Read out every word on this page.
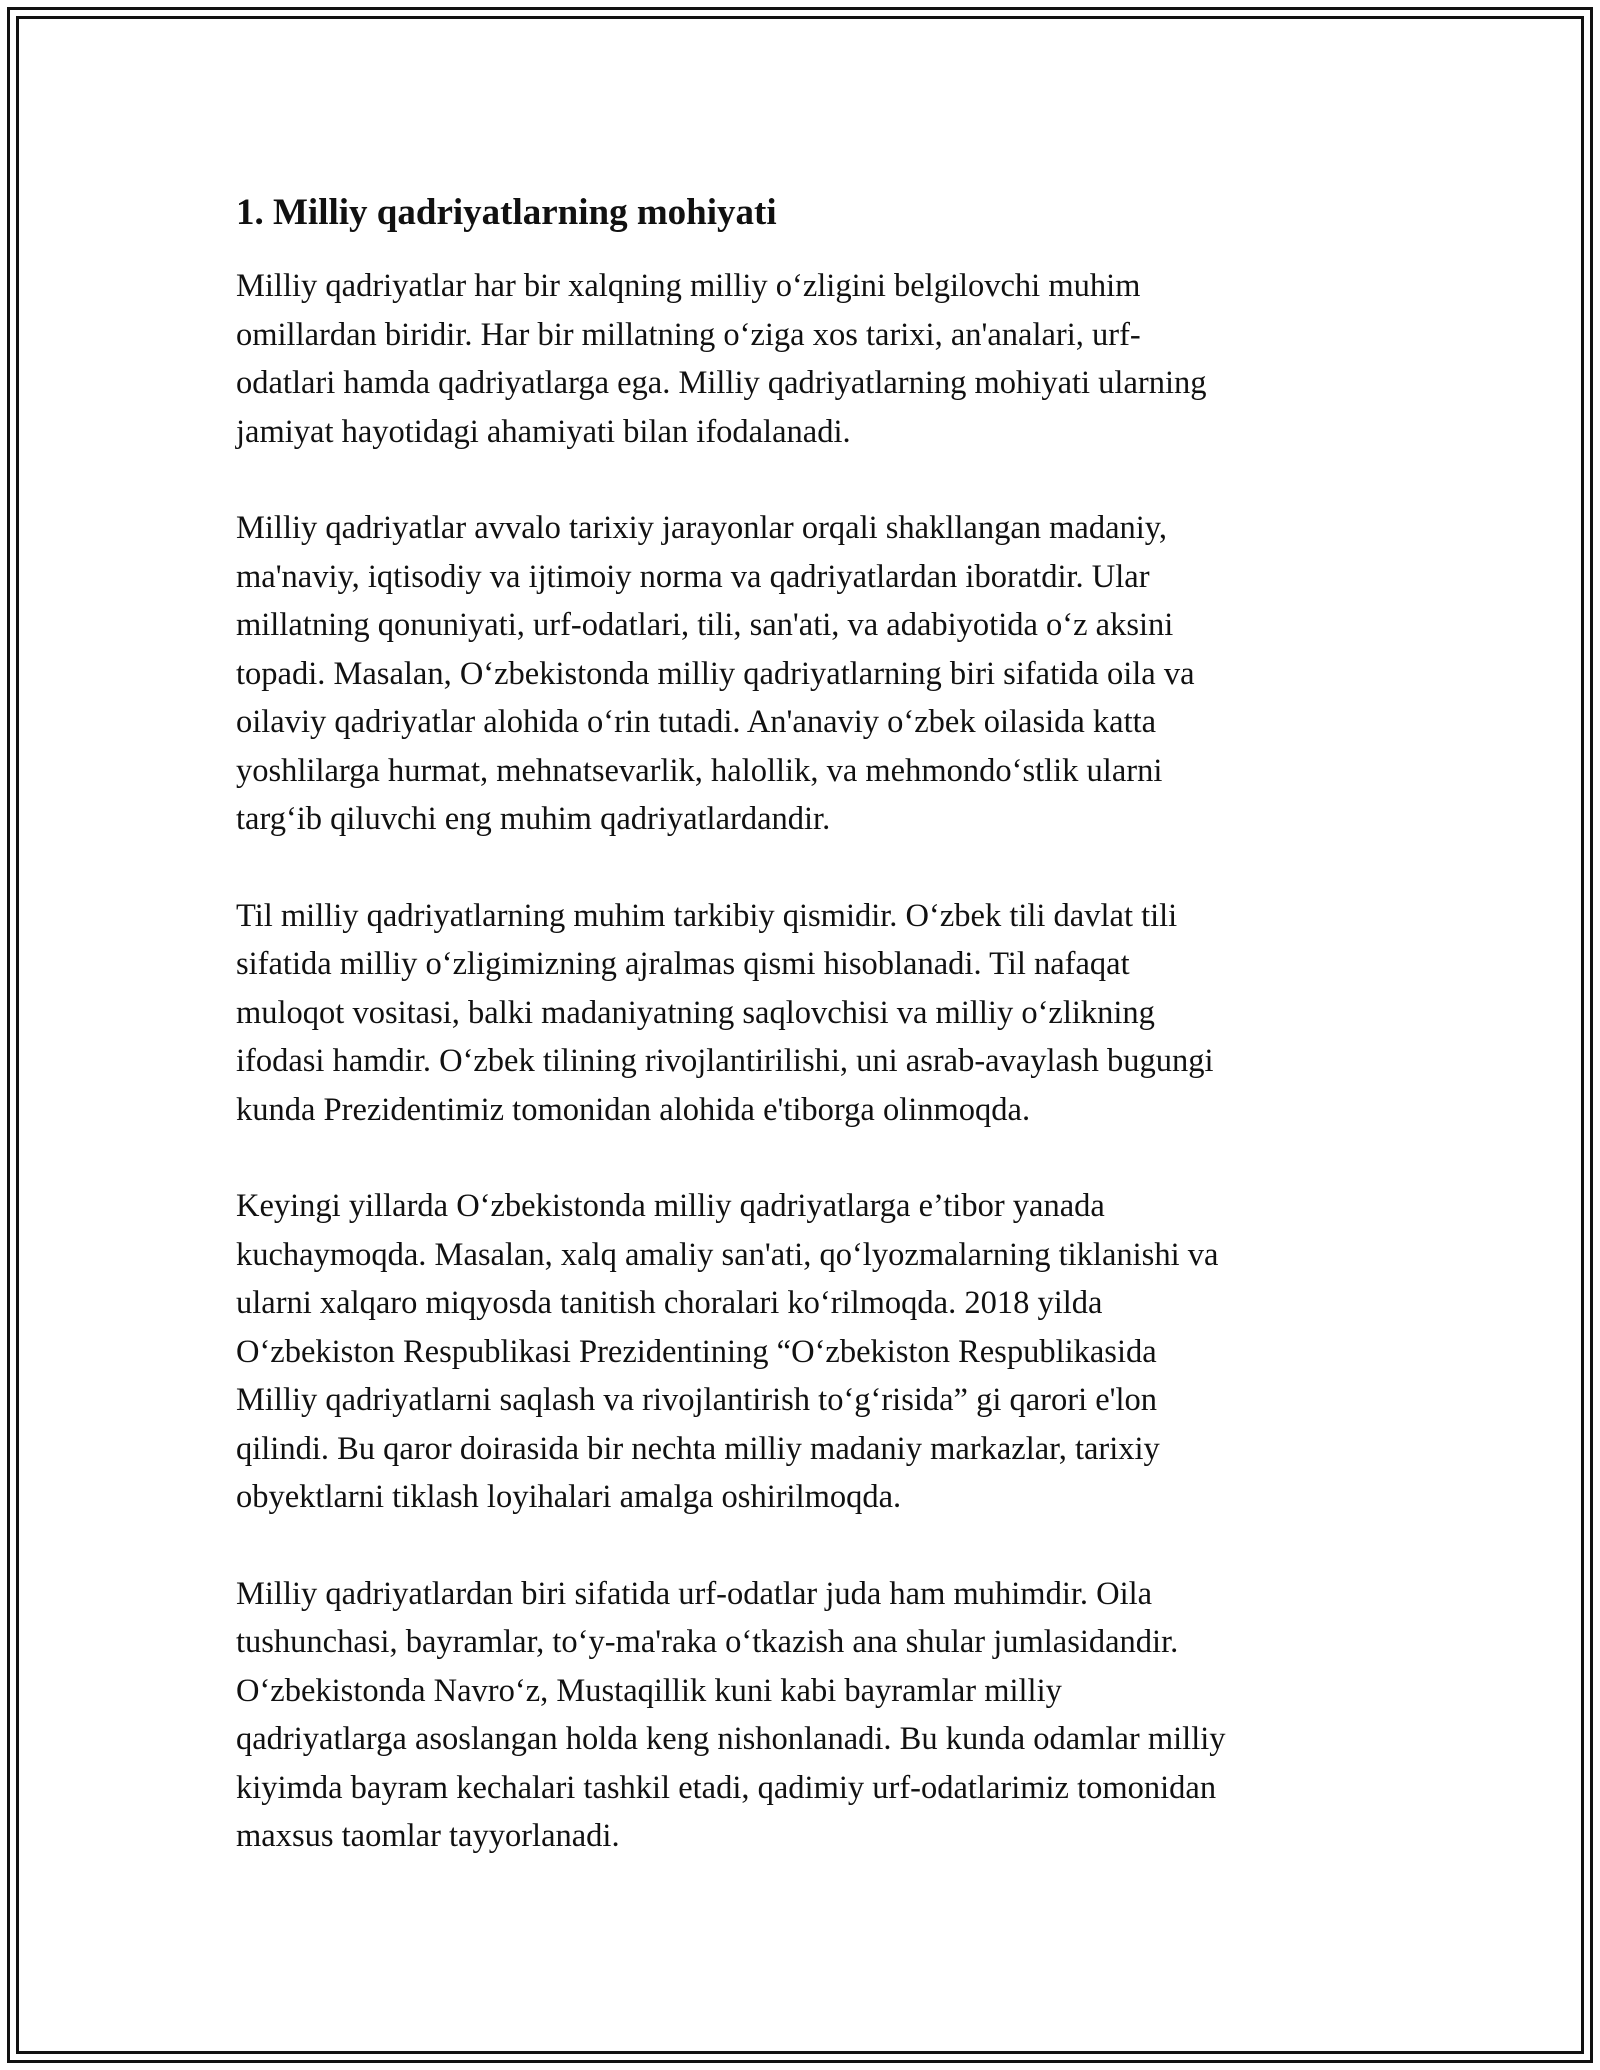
1. Milliy qadriyatlarning mohiyati

Milliy qadriyatlar har bir xalqning milliy o‘zligini belgilovchi muhim
omillardan biridir. Har bir millatning o‘ziga xos tarixi, an'analari, urf-
odatlari hamda qadriyatlarga ega. Milliy qadriyatlarning mohiyati ularning
jamiyat hayotidagi ahamiyati bilan ifodalanadi.

Milliy qadriyatlar avvalo tarixiy jarayonlar orqali shakllangan madaniy,
ma'naviy, iqtisodiy va ijtimoiy norma va qadriyatlardan iboratdir. Ular
millatning qonuniyati, urf-odatlari, tili, san'ati, va adabiyotida o‘z aksini
topadi. Masalan, O‘zbekistonda milliy qadriyatlarning biri sifatida oila va
oilaviy qadriyatlar alohida o‘rin tutadi. An'anaviy o‘zbek oilasida katta
yoshlilarga hurmat, mehnatsevarlik, halollik, va mehmondo‘stlik ularni
targ‘ib qiluvchi eng muhim qadriyatlardandir.

Til milliy qadriyatlarning muhim tarkibiy qismidir. O‘zbek tili davlat tili
sifatida milliy o‘zligimizning ajralmas qismi hisoblanadi. Til nafaqat
muloqot vositasi, balki madaniyatning saqlovchisi va milliy o‘zlikning
ifodasi hamdir. O‘zbek tilining rivojlantirilishi, uni asrab-avaylash bugungi
kunda Prezidentimiz tomonidan alohida e'tiborga olinmoqda.

Keyingi yillarda O‘zbekistonda milliy qadriyatlarga e’tibor yanada
kuchaymoqda. Masalan, xalq amaliy san'ati, qo‘lyozmalarning tiklanishi va
ularni xalqaro miqyosda tanitish choralari ko‘rilmoqda. 2018 yilda
O‘zbekiston Respublikasi Prezidentining “O‘zbekiston Respublikasida
Milliy qadriyatlarni saqlash va rivojlantirish to‘g‘risida” gi qarori e'lon
qilindi. Bu qaror doirasida bir nechta milliy madaniy markazlar, tarixiy
obyektlarni tiklash loyihalari amalga oshirilmoqda.

Milliy qadriyatlardan biri sifatida urf-odatlar juda ham muhimdir. Oila
tushunchasi, bayramlar, to‘y-ma'raka o‘tkazish ana shular jumlasidandir.
O‘zbekistonda Navro‘z, Mustaqillik kuni kabi bayramlar milliy
qadriyatlarga asoslangan holda keng nishonlanadi. Bu kunda odamlar milliy
kiyimda bayram kechalari tashkil etadi, qadimiy urf-odatlarimiz tomonidan
maxsus taomlar tayyorlanadi.
